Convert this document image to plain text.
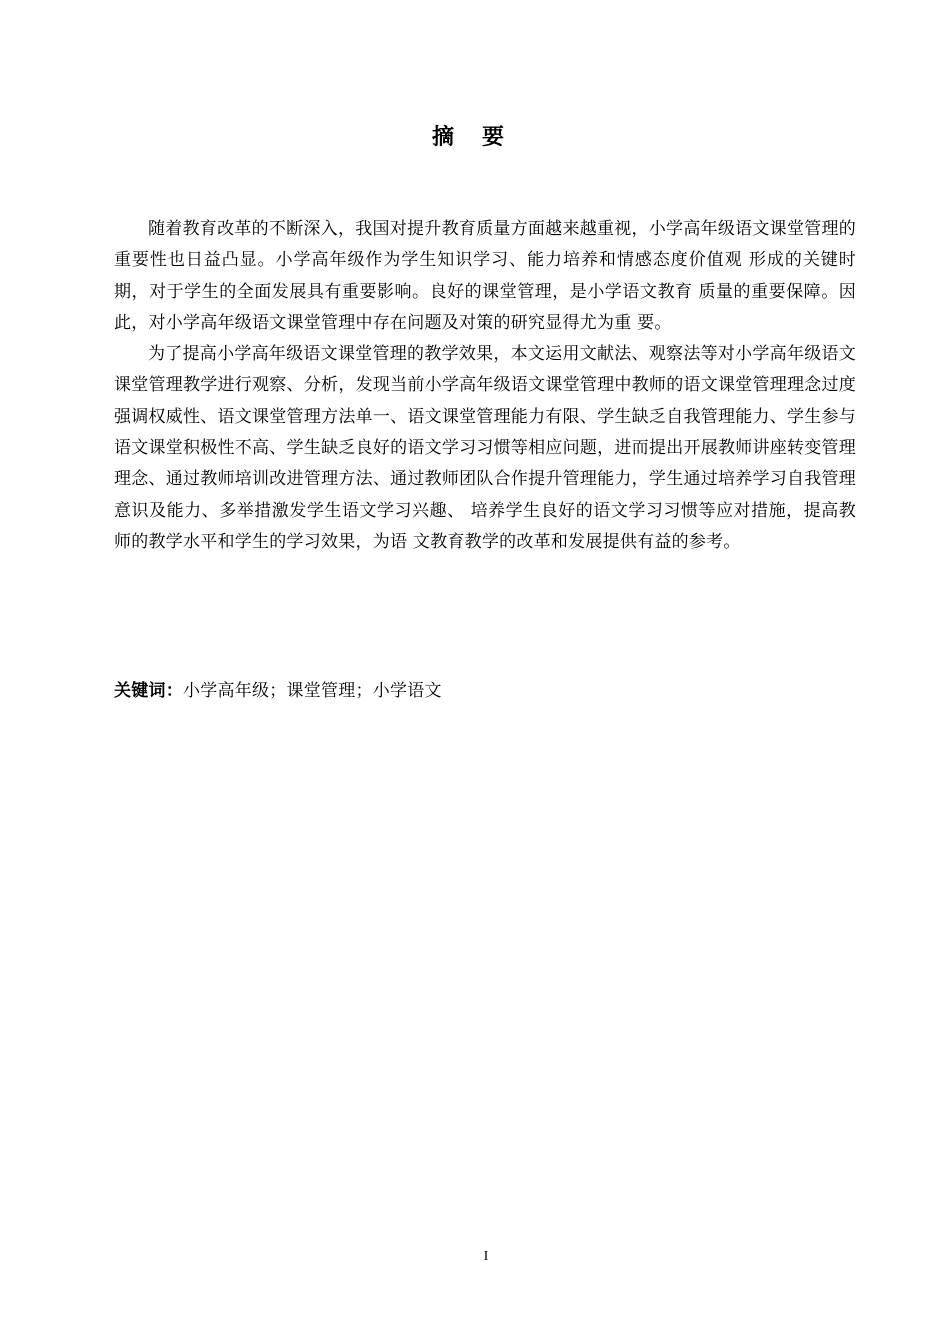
摘要

随着教育改革的不断深入，我国对提升教育质量方面越来越重视，小学高年级语文课堂管理的重要性也日益凸显。小学高年级作为学生知识学习、能力培养和情感态度价值观 形成的关键时期，对于学生的全面发展具有重要影响。良好的课堂管理，是小学语文教育 质量的重要保障。因此，对小学高年级语文课堂管理中存在问题及对策的研究显得尤为重 要。

为了提高小学高年级语文课堂管理的教学效果，本文运用文献法、观察法等对小学高年级语文课堂管理教学进行观察、分析，发现当前小学高年级语文课堂管理中教师的语文课堂管理理念过度强调权威性、语文课堂管理方法单一、语文课堂管理能力有限、学生缺乏自我管理能力、学生参与语文课堂积极性不高、学生缺乏良好的语文学习习惯等相应问题，进而提出开展教师讲座转变管理理念、通过教师培训改进管理方法、通过教师团队合作提升管理能力，学生通过培养学习自我管理意识及能力、多举措激发学生语文学习兴趣、 培养学生良好的语文学习习惯等应对措施，提高教师的教学水平和学生的学习效果，为语 文教育教学的改革和发展提供有益的参考。

关键词：小学高年级；课堂管理；小学语文
I
